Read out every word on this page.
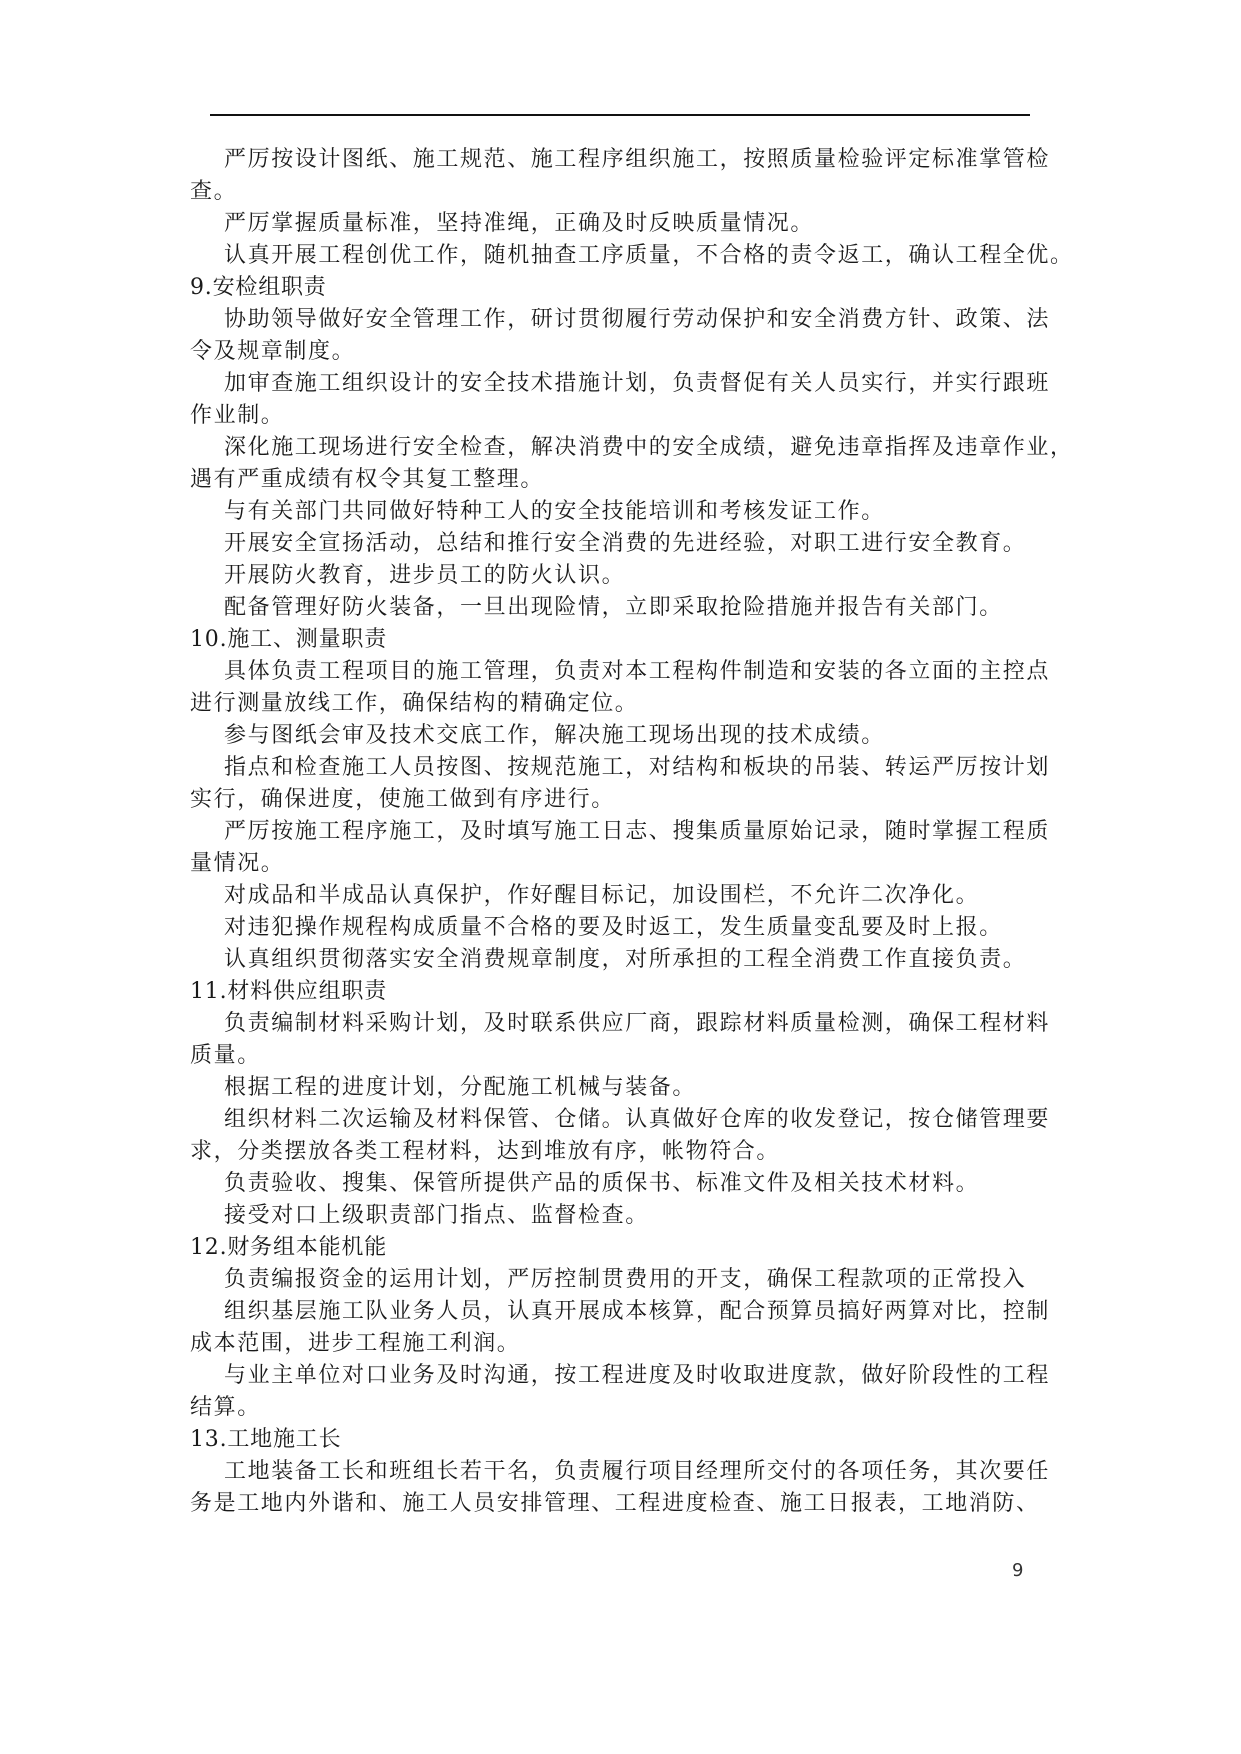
严厉按设计图纸、施工规范、施工程序组织施工，按照质量检验评定标准掌管检
查。
严厉掌握质量标准，坚持准绳，正确及时反映质量情况。
认真开展工程创优工作，随机抽查工序质量，不合格的责令返工，确认工程全优。
9.安检组职责
协助领导做好安全管理工作，研讨贯彻履行劳动保护和安全消费方针、政策、法
令及规章制度。
加审查施工组织设计的安全技术措施计划，负责督促有关人员实行，并实行跟班
作业制。
深化施工现场进行安全检查，解决消费中的安全成绩，避免违章指挥及违章作业，
遇有严重成绩有权令其复工整理。
与有关部门共同做好特种工人的安全技能培训和考核发证工作。
开展安全宣扬活动，总结和推行安全消费的先进经验，对职工进行安全教育。
开展防火教育，进步员工的防火认识。
配备管理好防火装备，一旦出现险情，立即采取抢险措施并报告有关部门。
10.施工、测量职责
具体负责工程项目的施工管理，负责对本工程构件制造和安装的各立面的主控点
进行测量放线工作，确保结构的精确定位。
参与图纸会审及技术交底工作，解决施工现场出现的技术成绩。
指点和检查施工人员按图、按规范施工，对结构和板块的吊装、转运严厉按计划
实行，确保进度，使施工做到有序进行。
严厉按施工程序施工，及时填写施工日志、搜集质量原始记录，随时掌握工程质
量情况。
对成品和半成品认真保护，作好醒目标记，加设围栏，不允许二次净化。
对违犯操作规程构成质量不合格的要及时返工，发生质量变乱要及时上报。
认真组织贯彻落实安全消费规章制度，对所承担的工程全消费工作直接负责。
11.材料供应组职责
负责编制材料采购计划，及时联系供应厂商，跟踪材料质量检测，确保工程材料
质量。
根据工程的进度计划，分配施工机械与装备。
组织材料二次运输及材料保管、仓储。认真做好仓库的收发登记，按仓储管理要
求，分类摆放各类工程材料，达到堆放有序，帐物符合。
负责验收、搜集、保管所提供产品的质保书、标准文件及相关技术材料。
接受对口上级职责部门指点、监督检查。
12.财务组本能机能
负责编报资金的运用计划，严厉控制贯费用的开支，确保工程款项的正常投入
组织基层施工队业务人员，认真开展成本核算，配合预算员搞好两算对比，控制
成本范围，进步工程施工利润。
与业主单位对口业务及时沟通，按工程进度及时收取进度款，做好阶段性的工程
结算。
13.工地施工长
工地装备工长和班组长若干名，负责履行项目经理所交付的各项任务，其次要任
务是工地内外谐和、施工人员安排管理、工程进度检查、施工日报表，工地消防、
9
